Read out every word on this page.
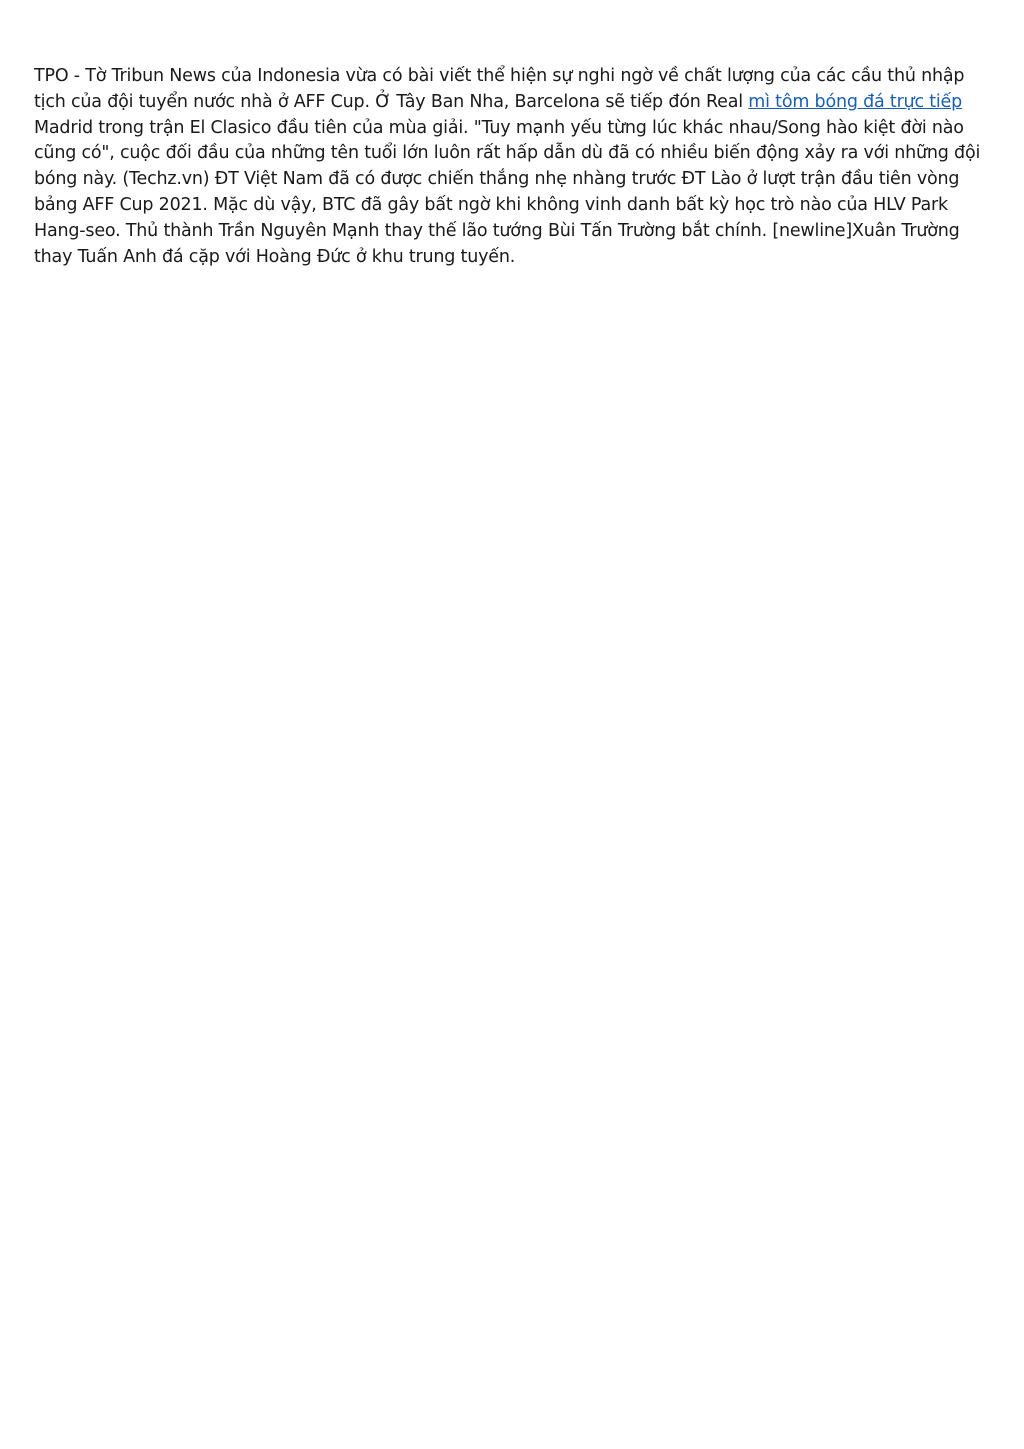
TPO - Tờ Tribun News của Indonesia vừa có bài viết thể hiện sự nghi ngờ về chất lượng của các cầu thủ nhập tịch của đội tuyển nước nhà ở AFF Cup. Ở Tây Ban Nha, Barcelona sẽ tiếp đón Real mì tôm bóng đá trực tiếp Madrid trong trận El Clasico đầu tiên của mùa giải. "Tuy mạnh yếu từng lúc khác nhau/Song hào kiệt đời nào cũng có", cuộc đối đầu của những tên tuổi lớn luôn rất hấp dẫn dù đã có nhiều biến động xảy ra với những đội bóng này. (Techz.vn) ĐT Việt Nam đã có được chiến thắng nhẹ nhàng trước ĐT Lào ở lượt trận đầu tiên vòng bảng AFF Cup 2021. Mặc dù vậy, BTC đã gây bất ngờ khi không vinh danh bất kỳ học trò nào của HLV Park Hang-seo. Thủ thành Trần Nguyên Mạnh thay thế lão tướng Bùi Tấn Trường bắt chính. [newline]Xuân Trường thay Tuấn Anh đá cặp với Hoàng Đức ở khu trung tuyến.
